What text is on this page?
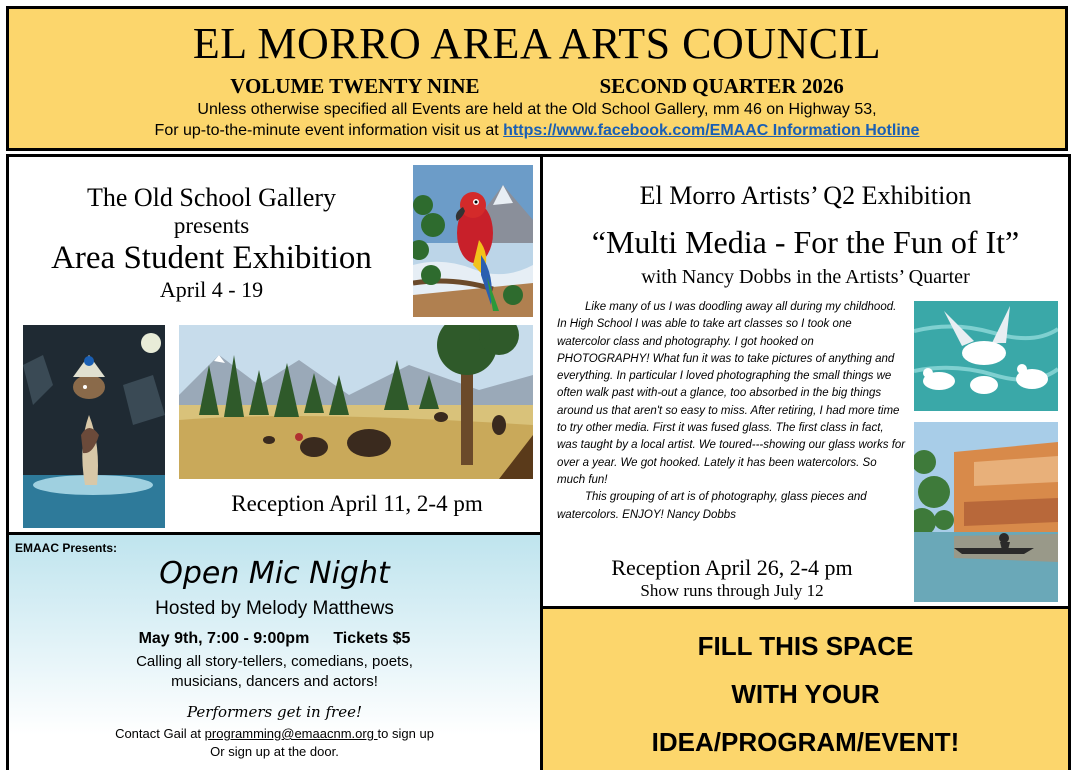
EL MORRO AREA ARTS COUNCIL
VOLUME TWENTY NINE	SECOND QUARTER 2026
Unless otherwise specified all Events are held at the Old School Gallery, mm 46 on Highway 53,
For up-to-the-minute event information visit us at https://www.facebook.com/EMAAC Information Hotline
The Old School Gallery
presents
Area Student Exhibition
April 4 - 19
Reception April 11, 2-4 pm
El Morro Artists’ Q2 Exhibition
“Multi Media - For the Fun of It”
with Nancy Dobbs in the Artists’ Quarter

Like many of us I was doodling away all during my childhood. In High School I was able to take art classes so I took one watercolor class and photography. I got hooked on PHOTOGRAPHY! What fun it was to take pictures of anything and everything. In particular I loved photographing the small things we often walk past with-out a glance, too absorbed in the big things around us that aren't so easy to miss. After retiring, I had more time to try other media. First it was fused glass. The first class in fact, was taught by a local artist. We toured---showing our glass works for over a year. We got hooked. Lately it has been watercolors. So much fun!

This grouping of art is of photography, glass pieces and watercolors. ENJOY! Nancy Dobbs

Reception April 26, 2-4 pm
Show runs through July 12
EMAAC Presents:
Open Mic Night
Hosted by Melody Matthews
May 9th, 7:00 - 9:00pm Tickets $5
Calling all story-tellers, comedians, poets,
musicians, dancers and actors!
Performers get in free!
Contact Gail at programming@emaacnm.org to sign up
Or sign up at the door.
FILL THIS SPACE
WITH YOUR
IDEA/PROGRAM/EVENT!
